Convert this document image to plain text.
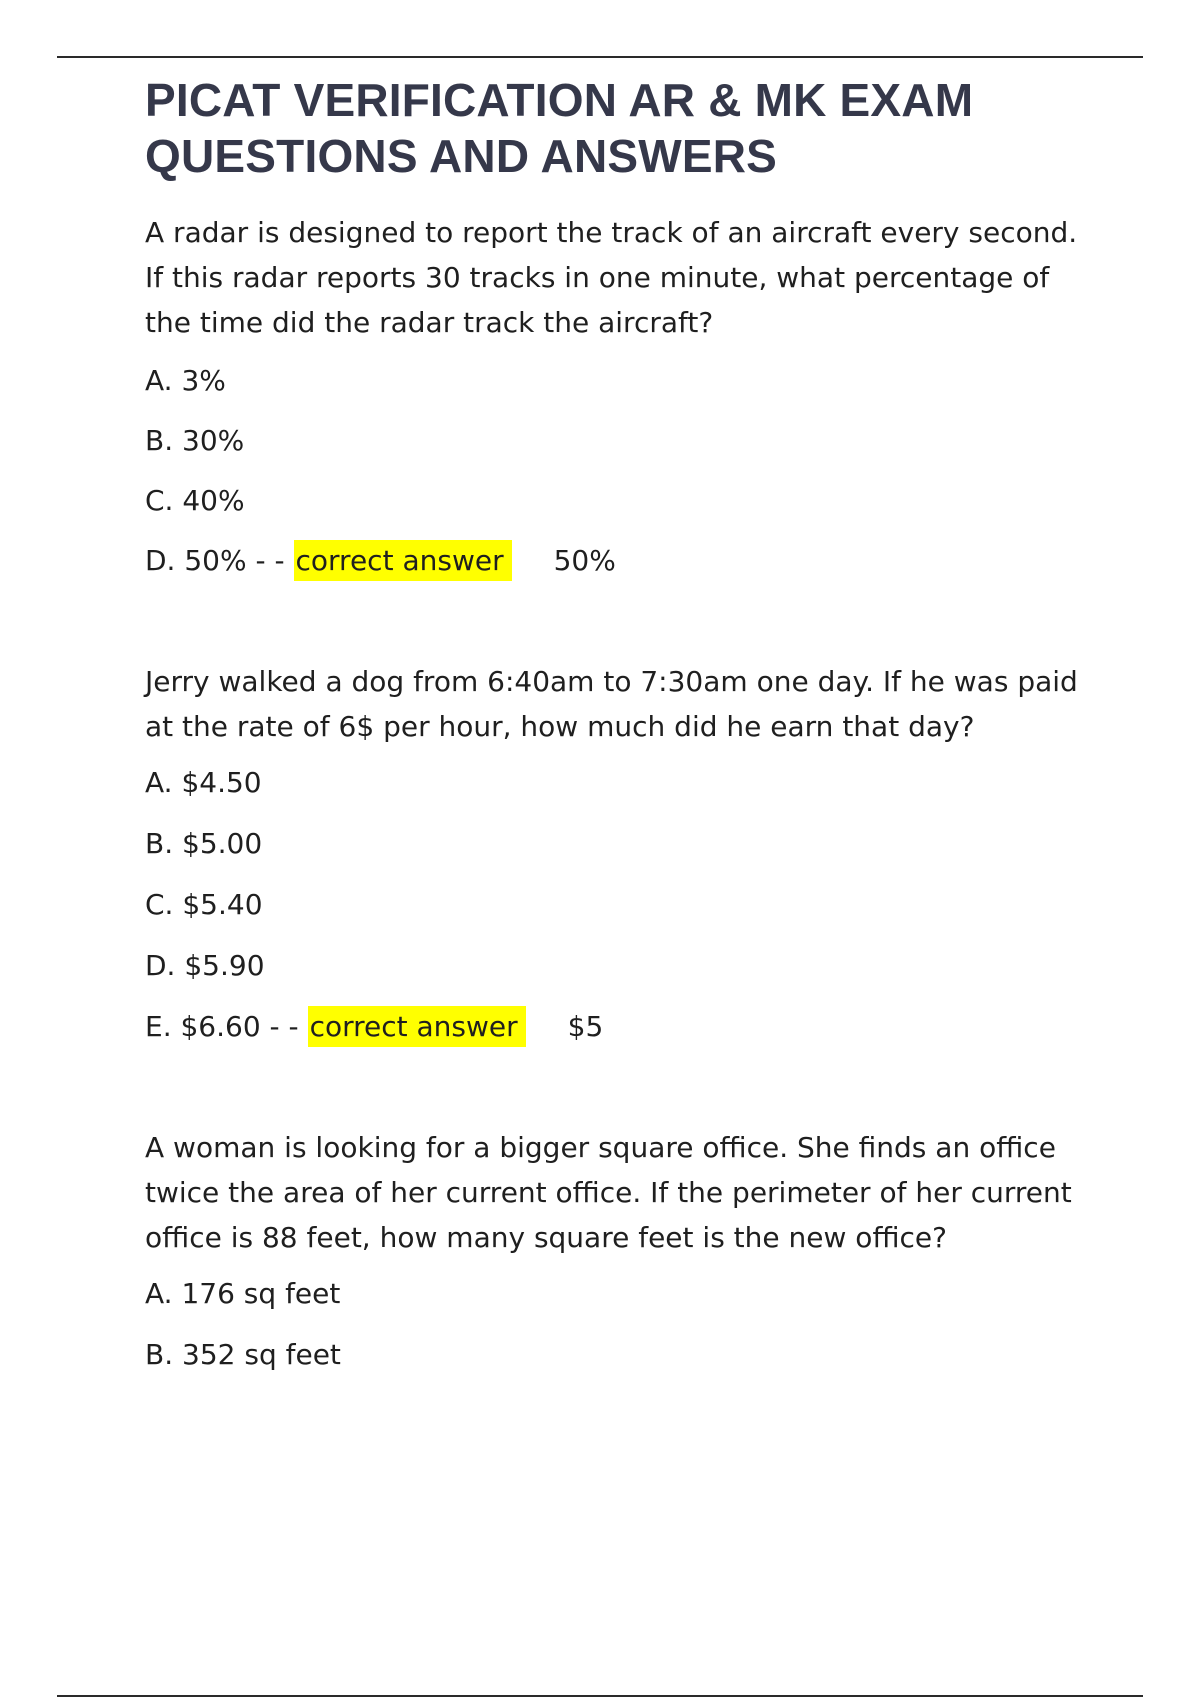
PICAT VERIFICATION AR & MK EXAM QUESTIONS AND ANSWERS

A radar is designed to report the track of an aircraft every second. If this radar reports 30 tracks in one minute, what percentage of the time did the radar track the aircraft?

A. 3%

B. 30%

C. 40%

D. 50% - - correct answer 50%

Jerry walked a dog from 6:40am to 7:30am one day. If he was paid at the rate of 6$ per hour, how much did he earn that day?

A. $4.50

B. $5.00

C. $5.40

D. $5.90

E. $6.60 - - correct answer $5

A woman is looking for a bigger square office. She finds an office twice the area of her current office. If the perimeter of her current office is 88 feet, how many square feet is the new office?

A. 176 sq feet

B. 352 sq feet
